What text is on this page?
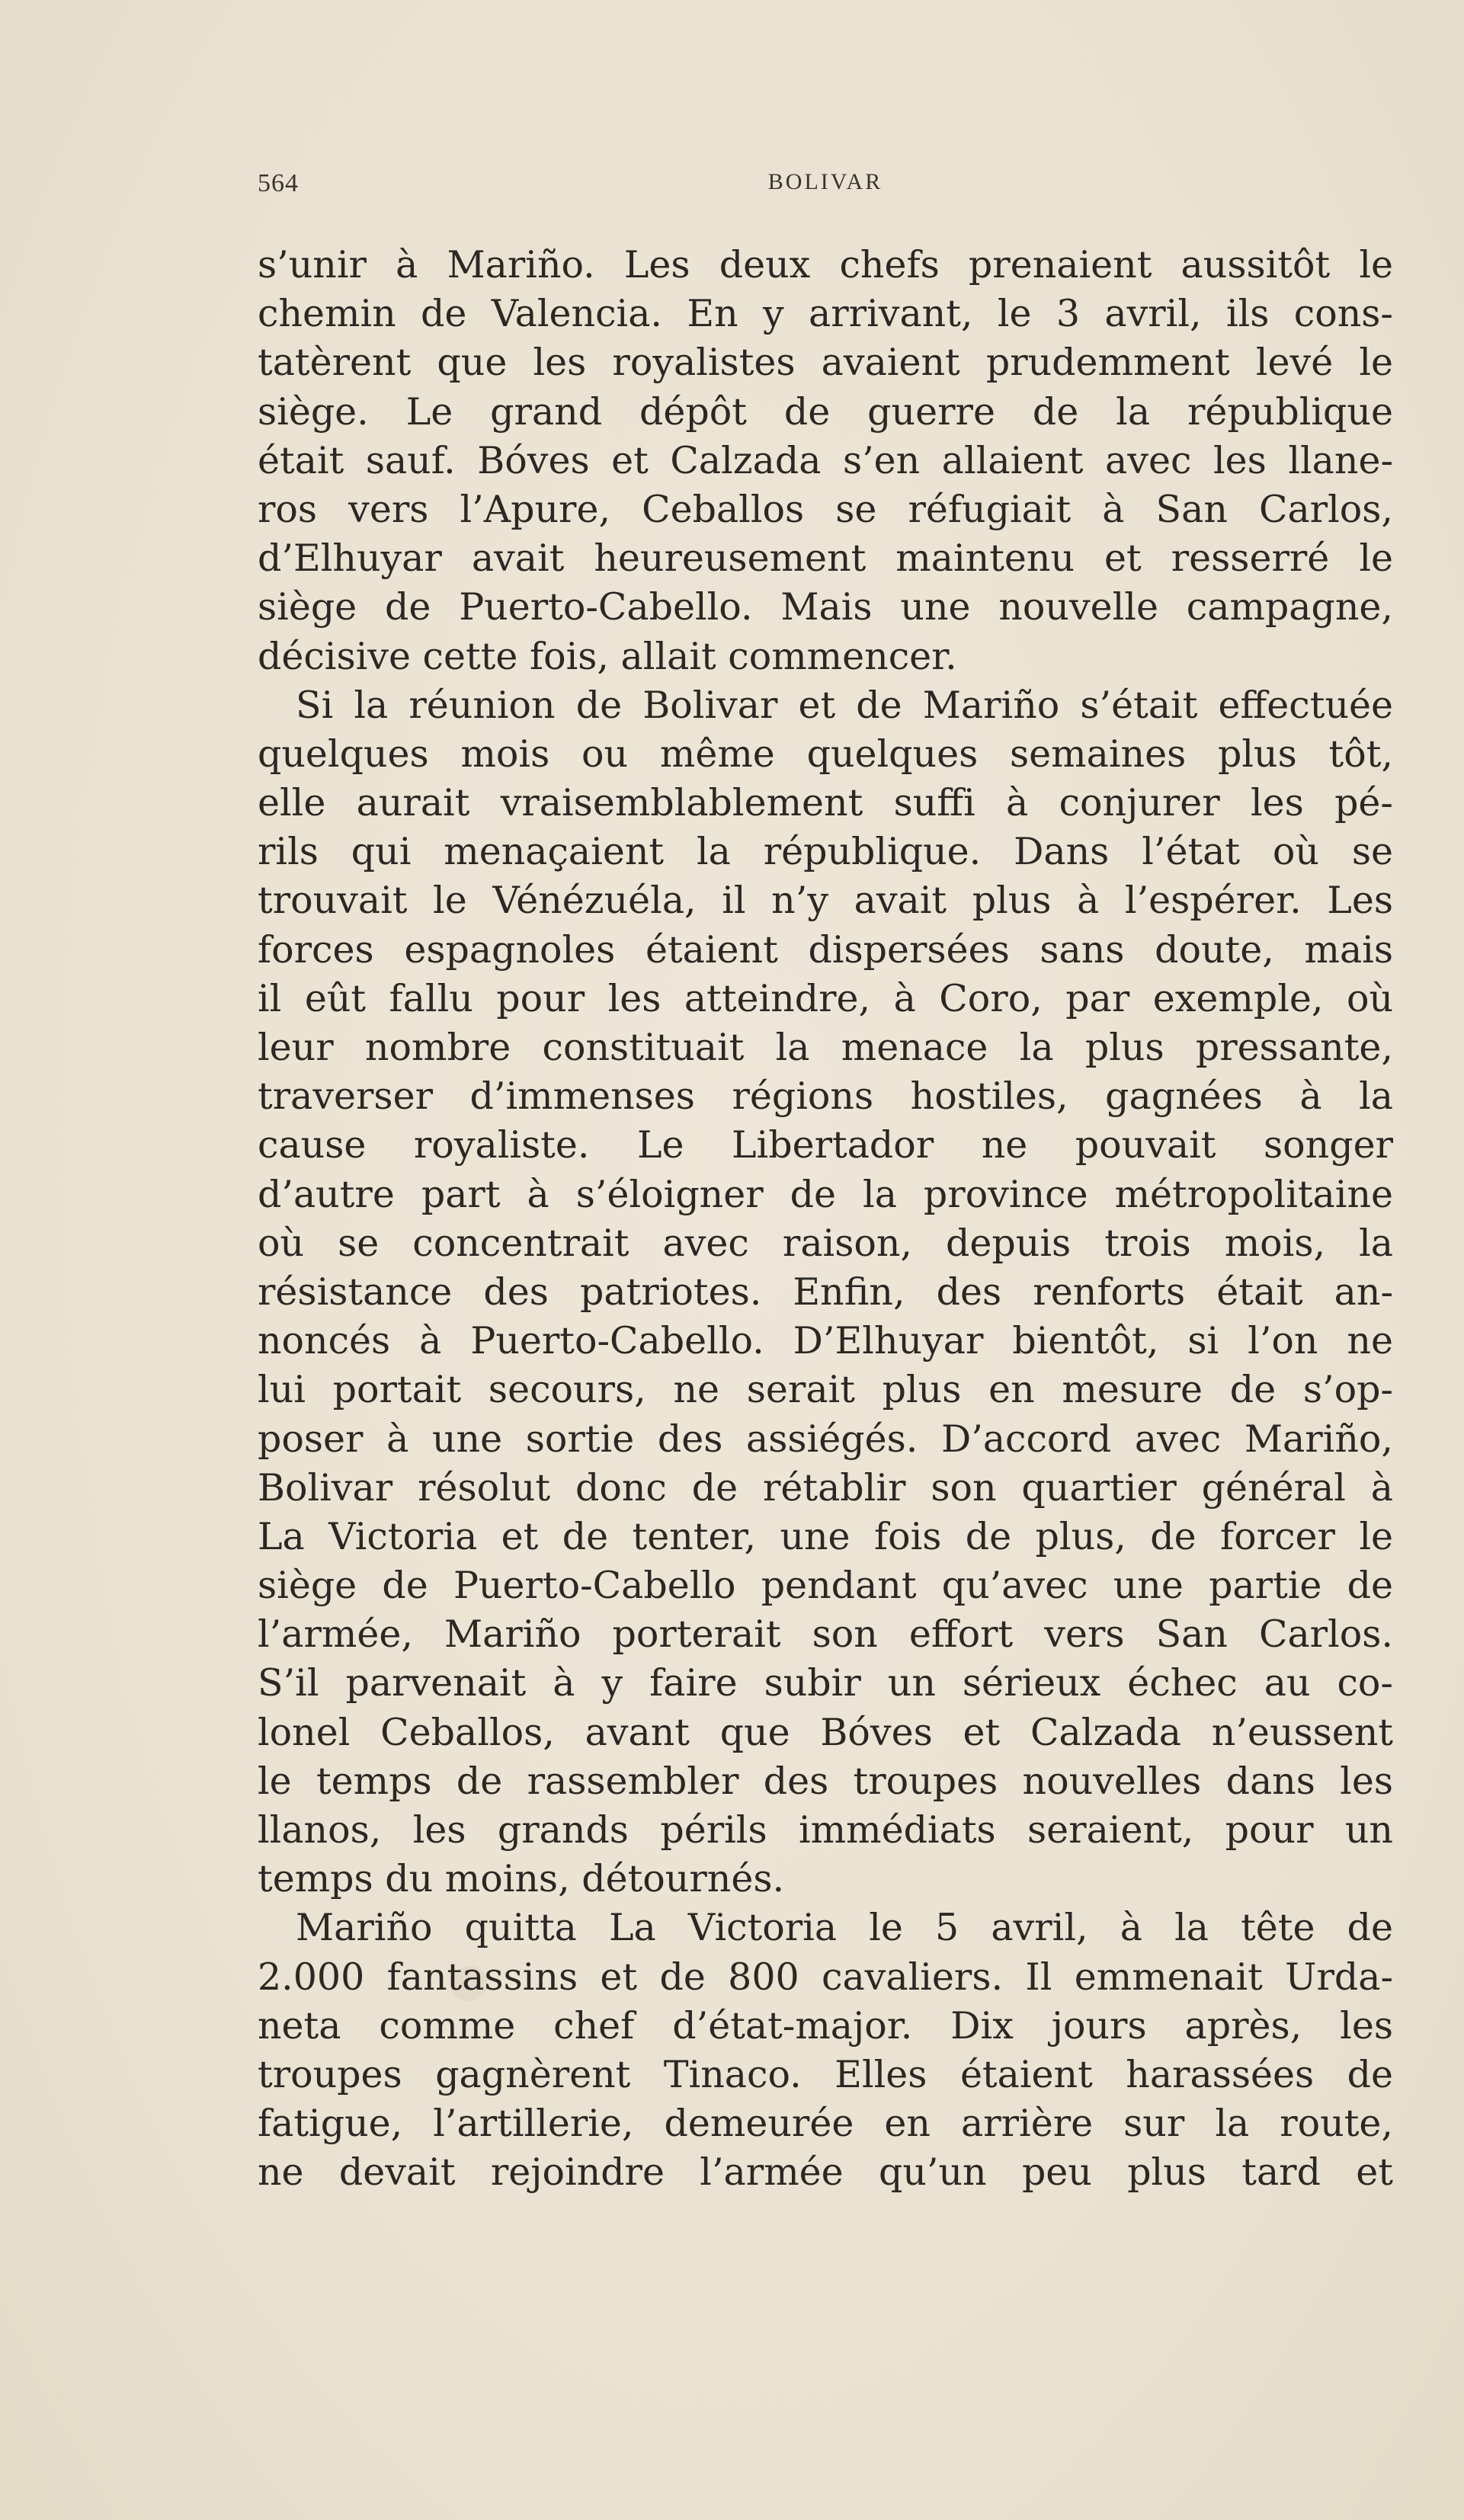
564	BOLIVAR
s’unir à Mariño. Les deux chefs prenaient aussitôt le
chemin de Valencia. En y arrivant, le 3 avril, ils cons-
tatèrent que les royalistes avaient prudemment levé le
siège. Le grand dépôt de guerre de la république
était sauf. Bóves et Calzada s’en allaient avec les llane-
ros vers l’Apure, Ceballos se réfugiait à San Carlos,
d’Elhuyar avait heureusement maintenu et resserré le
siège de Puerto-Cabello. Mais une nouvelle campagne,
décisive cette fois, allait commencer.
Si la réunion de Bolivar et de Mariño s’était effectuée
quelques mois ou même quelques semaines plus tôt,
elle aurait vraisemblablement suffi à conjurer les pé-
rils qui menaçaient la république. Dans l’état où se
trouvait le Vénézuéla, il n’y avait plus à l’espérer. Les
forces espagnoles étaient dispersées sans doute, mais
il eût fallu pour les atteindre, à Coro, par exemple, où
leur nombre constituait la menace la plus pressante,
traverser d’immenses régions hostiles, gagnées à la
cause royaliste. Le Libertador ne pouvait songer
d’autre part à s’éloigner de la province métropolitaine
où se concentrait avec raison, depuis trois mois, la
résistance des patriotes. Enfin, des renforts était an-
noncés à Puerto-Cabello. D’Elhuyar bientôt, si l’on ne
lui portait secours, ne serait plus en mesure de s’op-
poser à une sortie des assiégés. D’accord avec Mariño,
Bolivar résolut donc de rétablir son quartier général à
La Victoria et de tenter, une fois de plus, de forcer le
siège de Puerto-Cabello pendant qu’avec une partie de
l’armée, Mariño porterait son effort vers San Carlos.
S’il parvenait à y faire subir un sérieux échec au co-
lonel Ceballos, avant que Bóves et Calzada n’eussent
le temps de rassembler des troupes nouvelles dans les
llanos, les grands périls immédiats seraient, pour un
temps du moins, détournés.
Mariño quitta La Victoria le 5 avril, à la tête de
2.000 fantassins et de 800 cavaliers. Il emmenait Urda-
neta comme chef d’état-major. Dix jours après, les
troupes gagnèrent Tinaco. Elles étaient harassées de
fatigue, l’artillerie, demeurée en arrière sur la route,
ne devait rejoindre l’armée qu’un peu plus tard et
